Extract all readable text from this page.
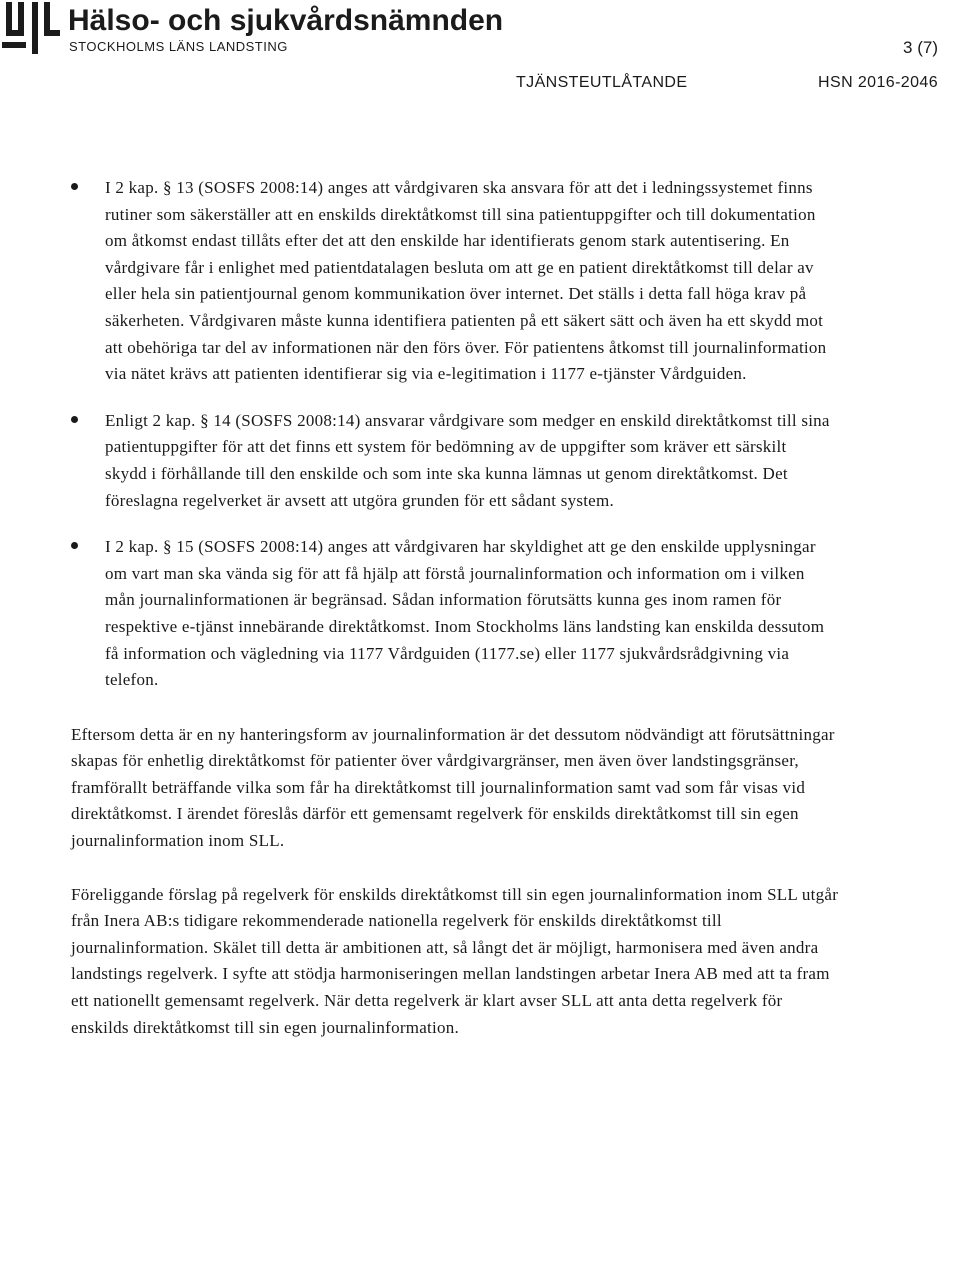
Hälso- och sjukvårdsnämnden
STOCKHOLMS LÄNS LANDSTING	3 (7)
TJÄNSTEUTLÅTANDE	HSN 2016-2046
I 2 kap. § 13 (SOSFS 2008:14) anges att vårdgivaren ska ansvara för att det i ledningssystemet finns rutiner som säkerställer att en enskilds direktåtkomst till sina patientuppgifter och till dokumentation om åtkomst endast tillåts efter det att den enskilde har identifierats genom stark autentisering. En vårdgivare får i enlighet med patientdatalagen besluta om att ge en patient direktåtkomst till delar av eller hela sin patientjournal genom kommunikation över internet. Det ställs i detta fall höga krav på säkerheten. Vårdgivaren måste kunna identifiera patienten på ett säkert sätt och även ha ett skydd mot att obehöriga tar del av informationen när den förs över. För patientens åtkomst till journalinformation via nätet krävs att patienten identifierar sig via e-legitimation i 1177 e-tjänster Vårdguiden.
Enligt 2 kap. § 14 (SOSFS 2008:14) ansvarar vårdgivare som medger en enskild direktåtkomst till sina patientuppgifter för att det finns ett system för bedömning av de uppgifter som kräver ett särskilt skydd i förhållande till den enskilde och som inte ska kunna lämnas ut genom direktåtkomst. Det föreslagna regelverket är avsett att utgöra grunden för ett sådant system.
I 2 kap. § 15 (SOSFS 2008:14) anges att vårdgivaren har skyldighet att ge den enskilde upplysningar om vart man ska vända sig för att få hjälp att förstå journalinformation och information om i vilken mån journalinformationen är begränsad. Sådan information förutsätts kunna ges inom ramen för respektive e-tjänst innebärande direktåtkomst. Inom Stockholms läns landsting kan enskilda dessutom få information och vägledning via 1177 Vårdguiden (1177.se) eller 1177 sjukvårdsrådgivning via telefon.

Eftersom detta är en ny hanteringsform av journalinformation är det dessutom nödvändigt att förutsättningar skapas för enhetlig direktåtkomst för patienter över vårdgivargränser, men även över landstingsgränser, framförallt beträffande vilka som får ha direktåtkomst till journalinformation samt vad som får visas vid direktåtkomst. I ärendet föreslås därför ett gemensamt regelverk för enskilds direktåtkomst till sin egen journalinformation inom SLL.

Föreliggande förslag på regelverk för enskilds direktåtkomst till sin egen journalinformation inom SLL utgår från Inera AB:s tidigare rekommenderade nationella regelverk för enskilds direktåtkomst till journalinformation. Skälet till detta är ambitionen att, så långt det är möjligt, harmonisera med även andra landstings regelverk. I syfte att stödja harmoniseringen mellan landstingen arbetar Inera AB med att ta fram ett nationellt gemensamt regelverk. När detta regelverk är klart avser SLL att anta detta regelverk för enskilds direktåtkomst till sin egen journalinformation.
